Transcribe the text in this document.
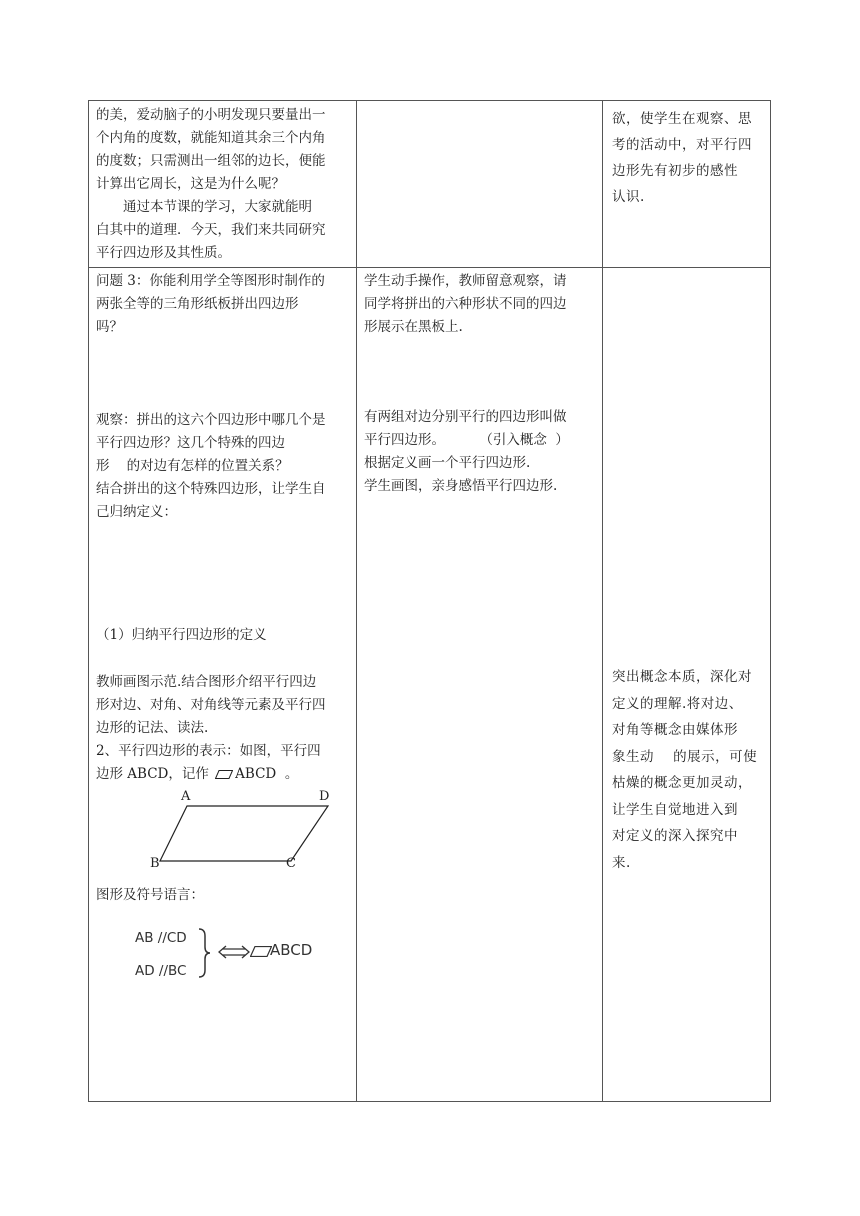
的美，爱动脑子的小明发现只要量出一

个内角的度数，就能知道其余三个内角

的度数；只需测出一组邻的边长，便能

计算出它周长，这是为什么呢？

通过本节课的学习，大家就能明

白其中的道理．今天，我们来共同研究

平行四边形及其性质。

欲，使学生在观察、思

考的活动中，对平行四

边形先有初步的感性

认识.

问题 3：你能利用学全等图形时制作的

两张全等的三角形纸板拼出四边形

吗？

观察：拼出的这六个四边形中哪几个是

平行四边形？这几个特殊的四边

形    的对边有怎样的位置关系？

结合拼出的这个特殊四边形，让学生自

己归纳定义：

（1）归纳平行四边形的定义

教师画图示范.结合图形介绍平行四边

形对边、对角、对角线等元素及平行四

边形的记法、读法.

2、平行四边形的表示：如图，平行四

边形 ABCD，记作 ABCD  。

A	D
B	C

图形及符号语言：

AB //CD
AD //BC
ABCD

学生动手操作，教师留意观察，请

同学将拼出的六种形状不同的四边

形展示在黑板上.

有两组对边分别平行的四边形叫做

平行四边形。        （引入概念  ）

根据定义画一个平行四边形.

学生画图，亲身感悟平行四边形.

突出概念本质，深化对

定义的理解.将对边、

对角等概念由媒体形

象生动    的展示，可使

枯燥的概念更加灵动，

让学生自觉地进入到

对定义的深入探究中

来.
